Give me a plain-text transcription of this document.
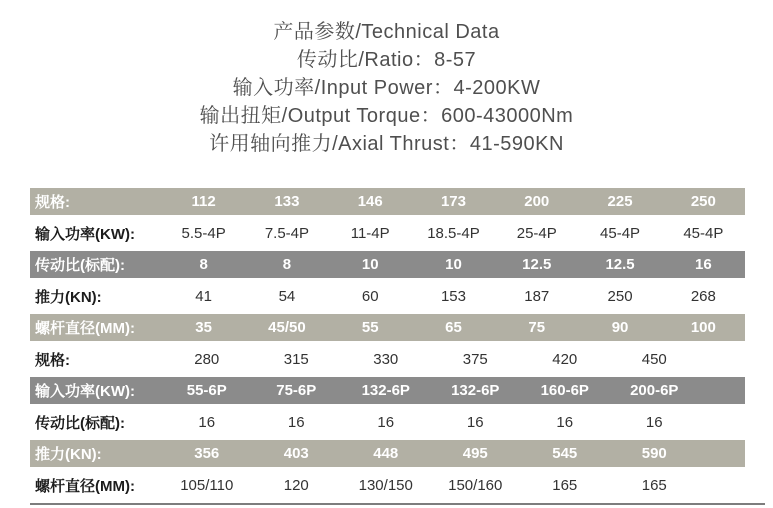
产品参数/Technical Data
传动比/Ratio：8-57
输入功率/Input Power：4-200KW
输出扭矩/Output Torque：600-43000Nm
许用轴向推力/Axial Thrust：41-590KN
规格:	112	133	146	173	200	225	250
输入功率(KW):	5.5-4P	7.5-4P	11-4P	18.5-4P	25-4P	45-4P	45-4P
传动比(标配):	8	8	10	10	12.5	12.5	16
推力(KN):	41	54	60	153	187	250	268
螺杆直径(MM):	35	45/50	55	65	75	90	100
规格:	280	315	330	375	420	450
输入功率(KW):	55-6P	75-6P	132-6P	132-6P	160-6P	200-6P
传动比(标配):	16	16	16	16	16	16
推力(KN):	356	403	448	495	545	590
螺杆直径(MM):	105/110	120	130/150	150/160	165	165
